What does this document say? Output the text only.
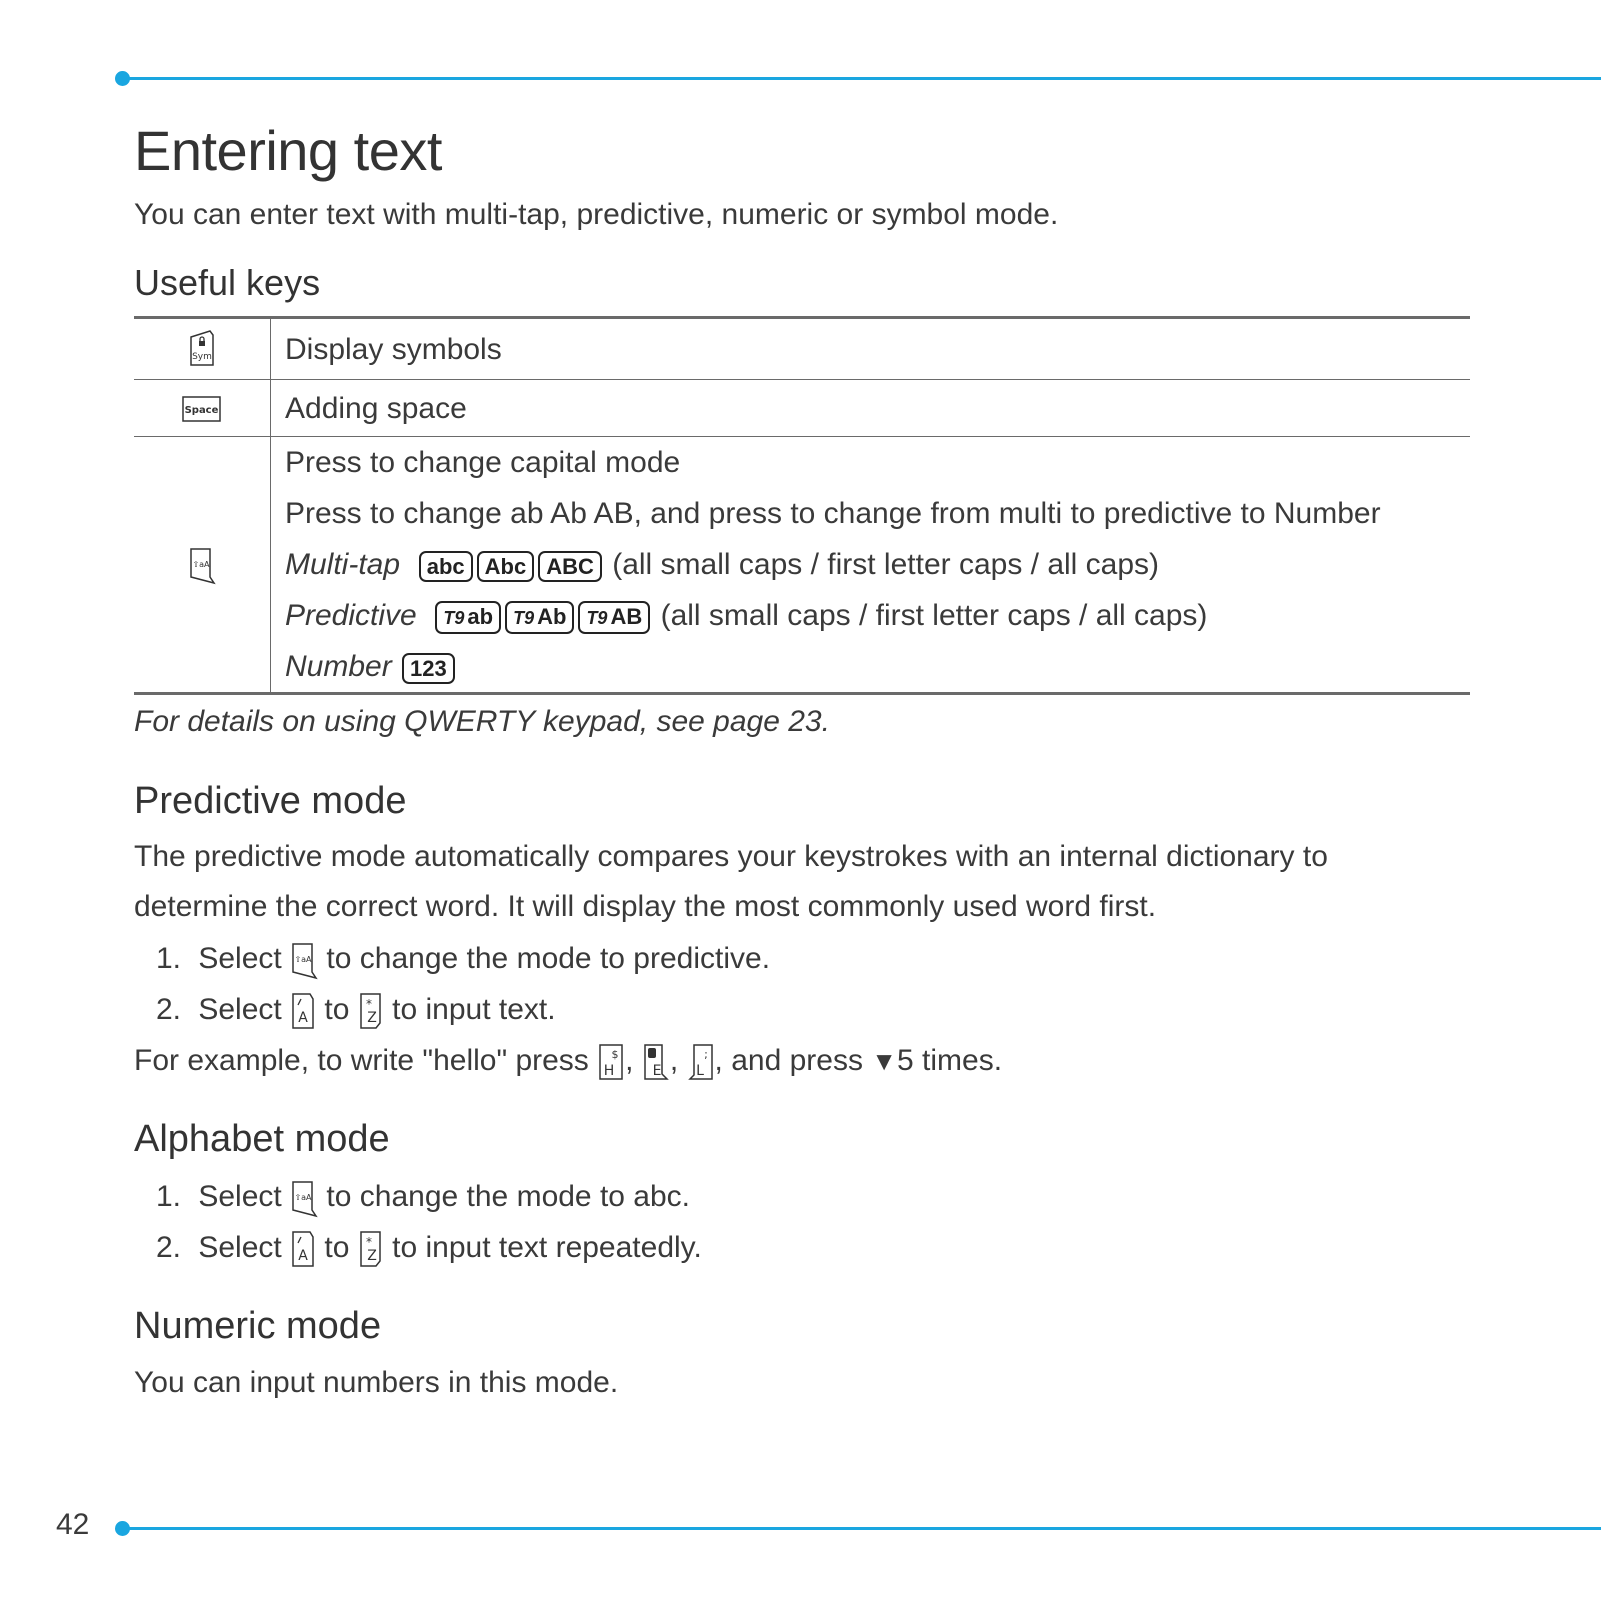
42
Entering text

You can enter text with multi-tap, predictive, numeric or symbol mode.

Useful keys
Sym	Display symbols

Space	Adding space

⇧aA	Press to change capital mode
Press to change ab Ab AB, and press to change from multi to predictive to Number
Multi-tap abc Abc ABC (all small caps / first letter caps / all caps)
Predictive T9 ab T9 Ab T9 AB (all small caps / first letter caps / all caps)
Number 123

For details on using QWERTY keypad, see page 23.

Predictive mode

The predictive mode automatically compares your keystrokes with an internal dictionary to

determine the correct word. It will display the most commonly used word first.

1. Select ⇧aA to change the mode to predictive.
2. Select A to *
Z to input text.
For example, to write "hello" press $
H , E , ;
L , and press ▼5 times.
Alphabet mode
1. Select ⇧aA to change the mode to abc.
2. Select A to *
Z to input text repeatedly.
Numeric mode

You can input numbers in this mode.
